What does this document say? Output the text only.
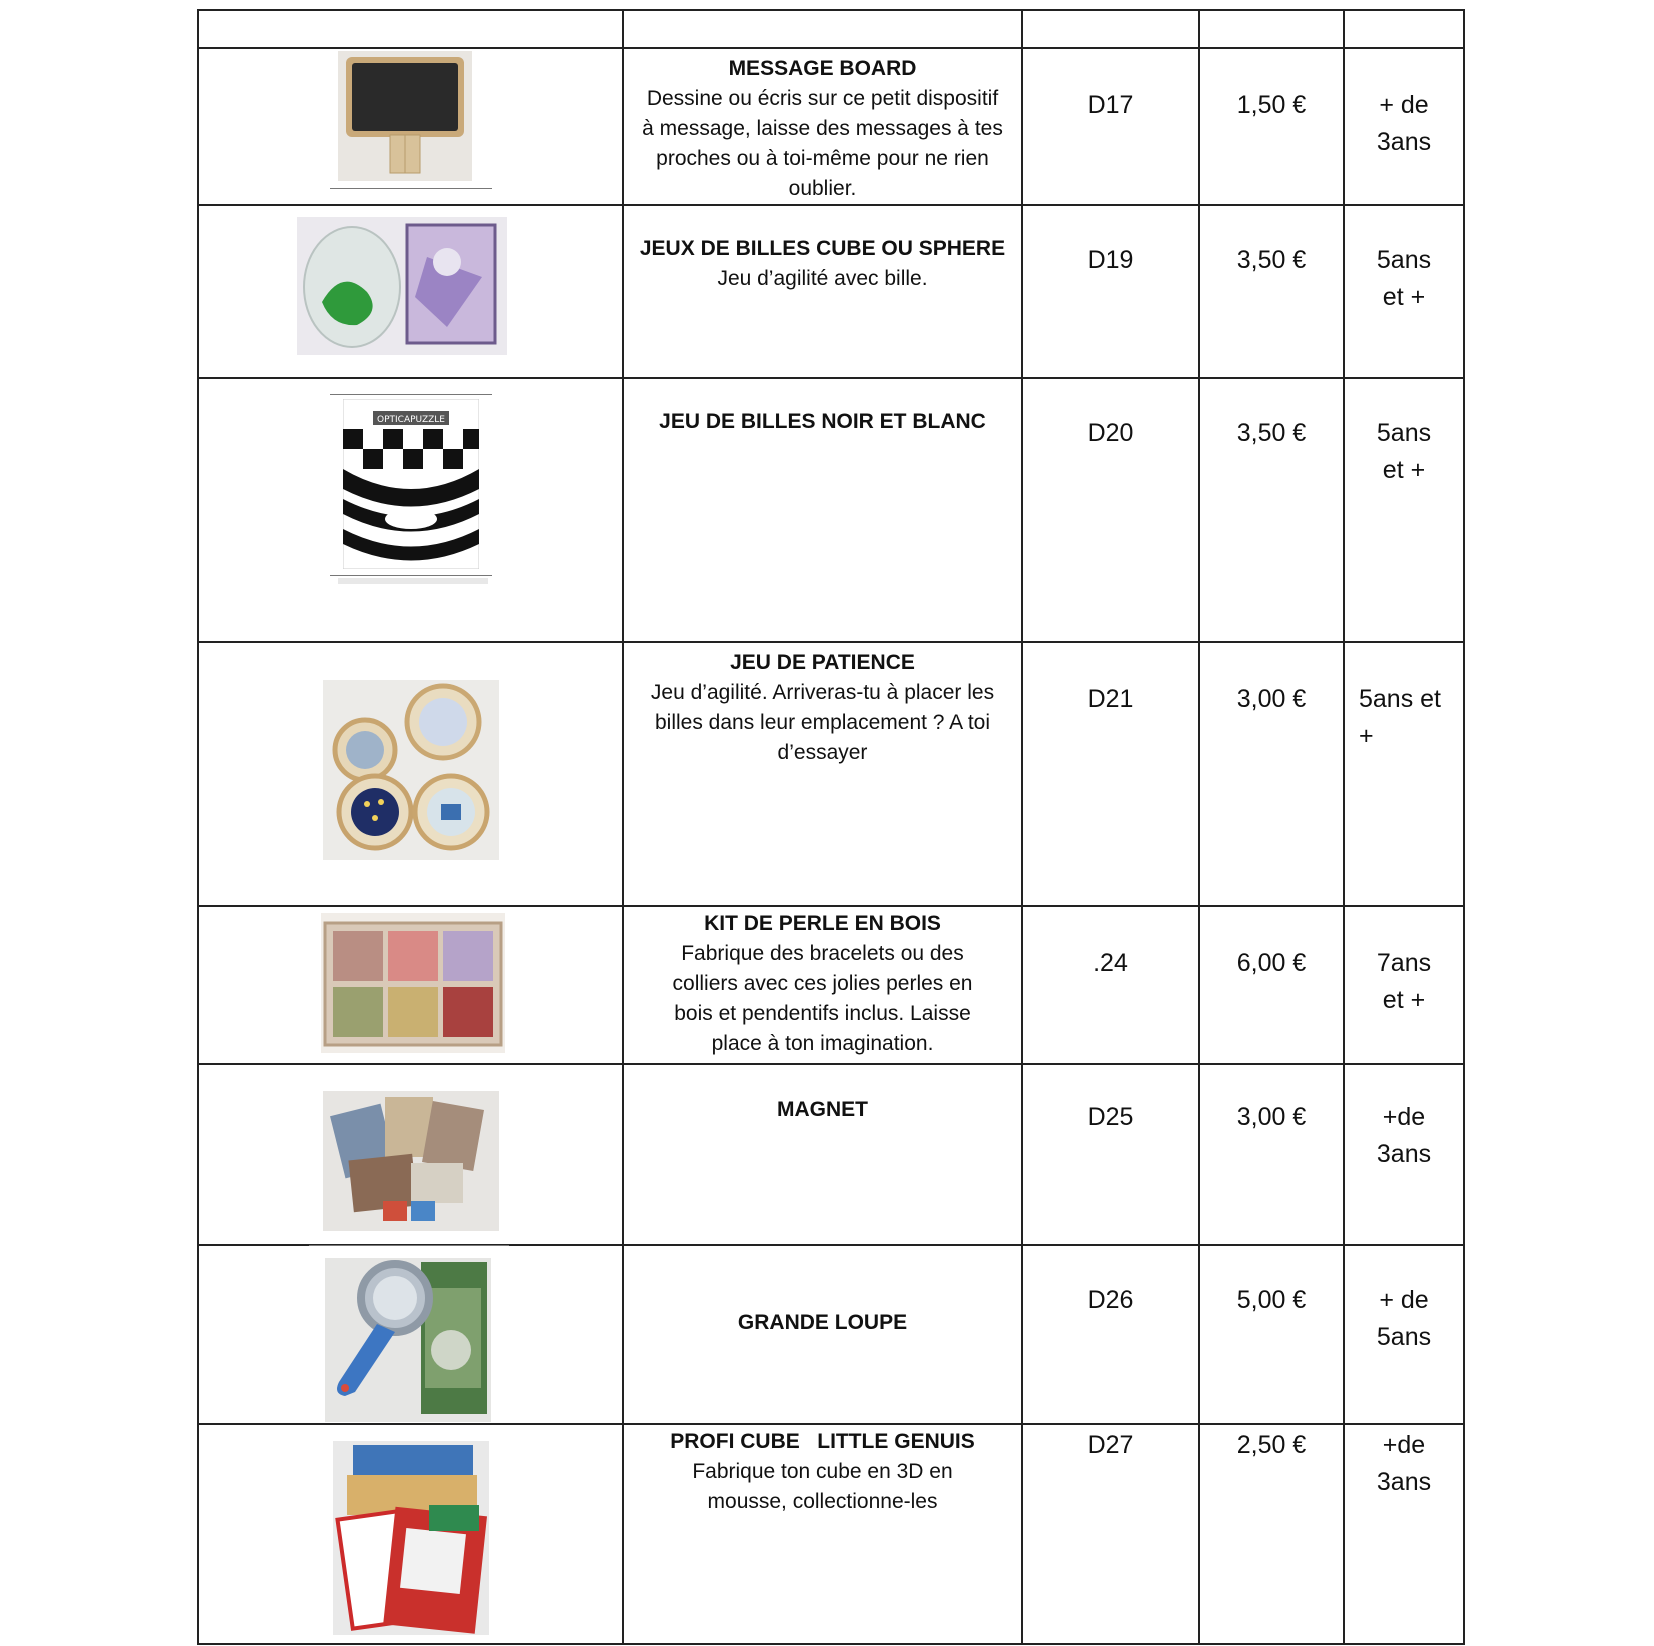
MESSAGE BOARD
Dessine ou écris sur ce petit dispositif à message, laisse des messages à tes proches ou à toi-même pour ne rien oublier.	D17	1,50 €	+ de 3ans

JEUX DE BILLES CUBE OU SPHERE
Jeu d’agilité avec bille.	D19	3,50 €	5ans et +

OPTICAPUZZLE	JEU DE BILLES NOIR ET BLANC	D20	3,50 €	5ans et +

JEU DE PATIENCE
Jeu d’agilité. Arriveras-tu à placer les billes dans leur emplacement ? A toi d’essayer	D21	3,00 €	5ans et +

KIT DE PERLE EN BOIS
Fabrique des bracelets ou des colliers avec ces jolies perles en bois et pendentifs inclus. Laisse place à ton imagination.	.24	6,00 €	7ans et +

MAGNET	D25	3,00 €	+de 3ans

GRANDE LOUPE	D26	5,00 €	+ de 5ans

PROFI CUBE   LITTLE GENUIS
Fabrique ton cube en 3D en mousse, collectionne-les	D27	2,50 €	+de 3ans
